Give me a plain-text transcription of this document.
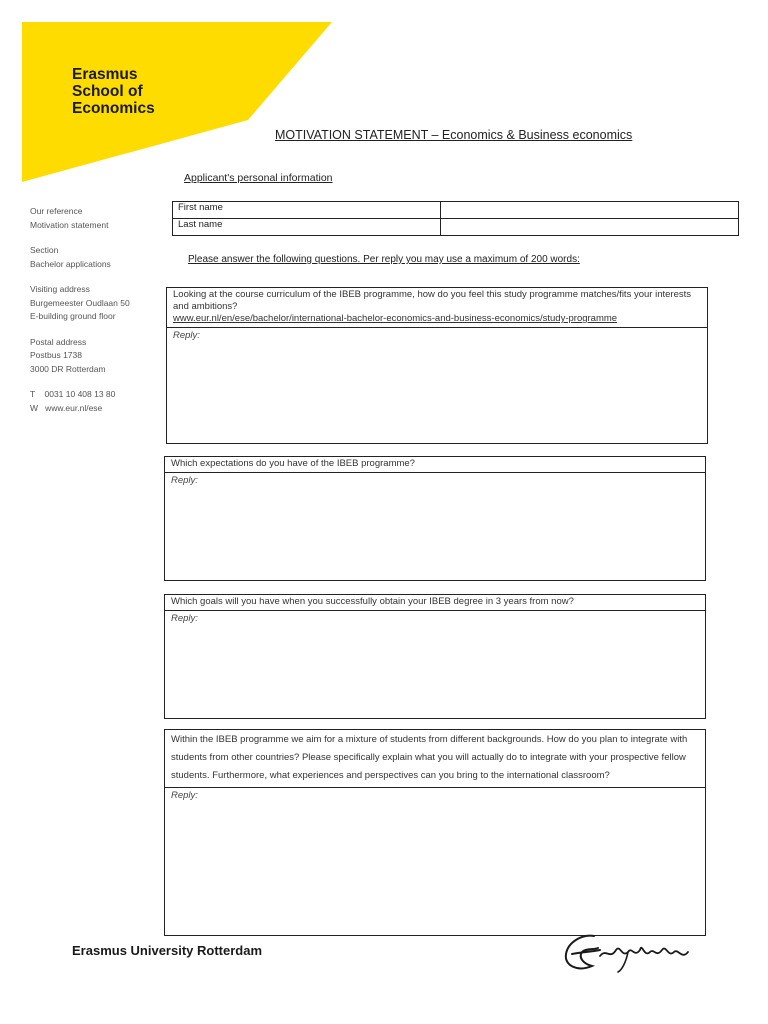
Erasmus
School of
Economics
MOTIVATION STATEMENT – Economics & Business economics
Applicant's personal information
Our reference
Motivation statement
Section
Bachelor applications
Visiting address
Burgemeester Oudlaan 50
E-building ground floor
Postal address
Postbus 1738
3000 DR Rotterdam
T    0031 10 408 13 80
W   www.eur.nl/ese
First name	
Last name	
Please answer the following questions. Per reply you may use a maximum of 200 words:
Looking at the course curriculum of the IBEB programme, how do you feel this study programme matches/fits your interests and ambitions?
www.eur.nl/en/ese/bachelor/international-bachelor-economics-and-business-economics/study-programme
Reply:
Which expectations do you have of the IBEB programme?
Reply:
Which goals will you have when you successfully obtain your IBEB degree in 3 years from now?
Reply:
Within the IBEB programme we aim for a mixture of students from different backgrounds. How do you plan to integrate with students from other countries? Please specifically explain what you will actually do to integrate with your prospective fellow students. Furthermore, what experiences and perspectives can you bring to the international classroom?
Reply:
Erasmus University Rotterdam
